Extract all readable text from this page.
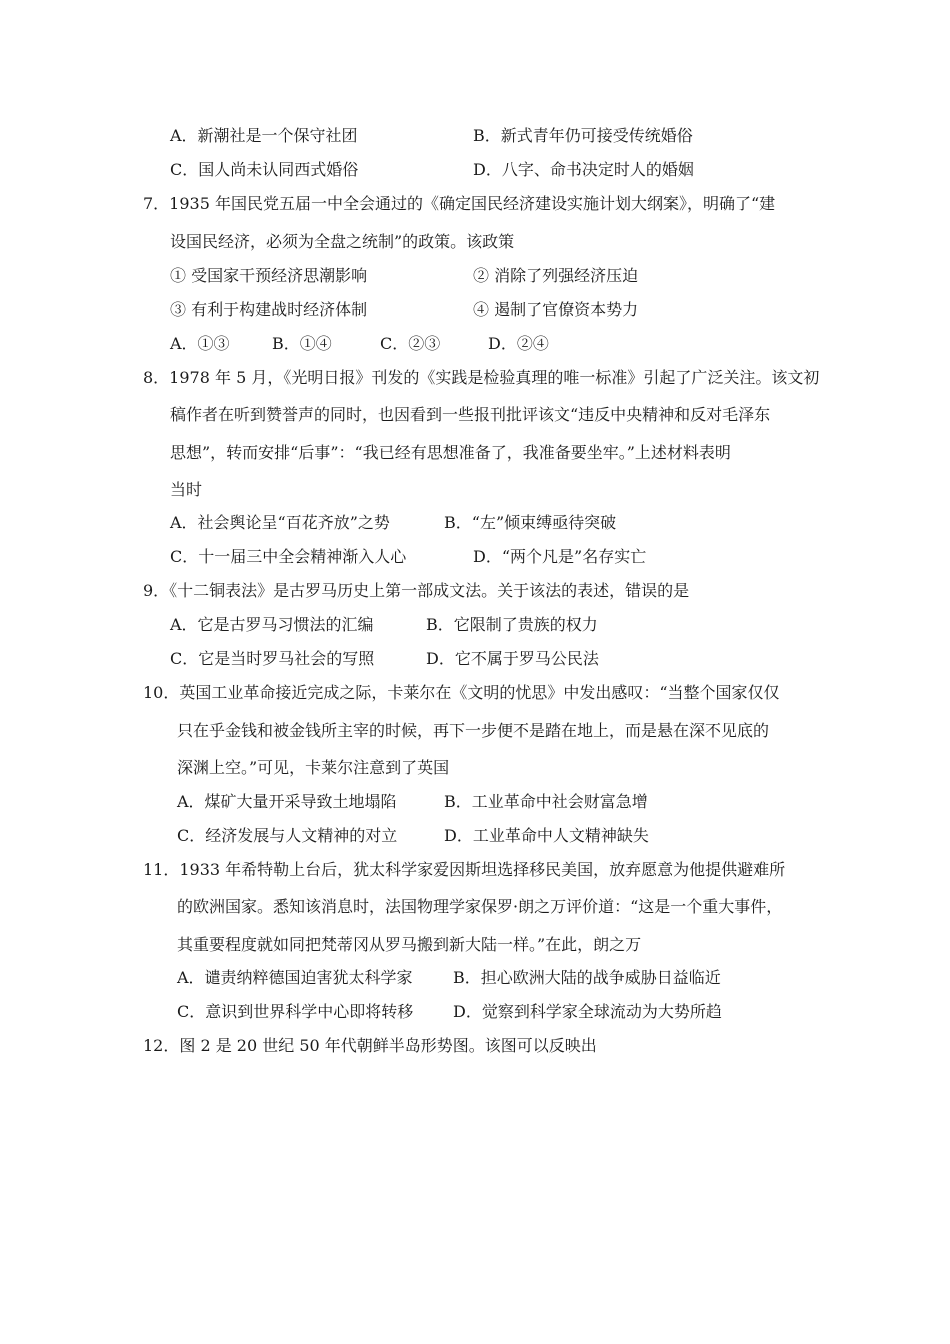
A．新潮社是一个保守社团	B．新式青年仍可接受传统婚俗
C．国人尚未认同西式婚俗	D．八字、命书决定时人的婚姻
7．1935 年国民党五届一中全会通过的《确定国民经济建设实施计划大纲案》，明确了“建
设国民经济，必须为全盘之统制”的政策。该政策
① 受国家干预经济思潮影响	② 消除了列强经济压迫
③ 有利于构建战时经济体制	④ 遏制了官僚资本势力
A．①③	B．①④	C．②③	D．②④
8．1978 年 5 月，《光明日报》刊发的《实践是检验真理的唯一标准》引起了广泛关注。该文初
稿作者在听到赞誉声的同时，也因看到一些报刊批评该文“违反中央精神和反对毛泽东
思想”，转而安排“后事”：“我已经有思想准备了，我准备要坐牢。”上述材料表明
当时
A．社会舆论呈“百花齐放”之势	B．“左”倾束缚亟待突破
C．十一届三中全会精神渐入人心	D．“两个凡是”名存实亡
9．《十二铜表法》是古罗马历史上第一部成文法。关于该法的表述，错误的是
A．它是古罗马习惯法的汇编	B．它限制了贵族的权力
C．它是当时罗马社会的写照	D．它不属于罗马公民法
10．英国工业革命接近完成之际，卡莱尔在《文明的忧思》中发出感叹：“当整个国家仅仅
只在乎金钱和被金钱所主宰的时候，再下一步便不是踏在地上，而是悬在深不见底的
深渊上空。”可见，卡莱尔注意到了英国
A．煤矿大量开采导致土地塌陷	B．工业革命中社会财富急增
C．经济发展与人文精神的对立	D．工业革命中人文精神缺失
11．1933 年希特勒上台后，犹太科学家爱因斯坦选择移民美国，放弃愿意为他提供避难所
的欧洲国家。悉知该消息时，法国物理学家保罗·朗之万评价道：“这是一个重大事件，
其重要程度就如同把梵蒂冈从罗马搬到新大陆一样。”在此，朗之万
A．谴责纳粹德国迫害犹太科学家	B．担心欧洲大陆的战争威胁日益临近
C．意识到世界科学中心即将转移 D．觉察到科学家全球流动为大势所趋
12．图 2 是 20 世纪 50 年代朝鲜半岛形势图。该图可以反映出
